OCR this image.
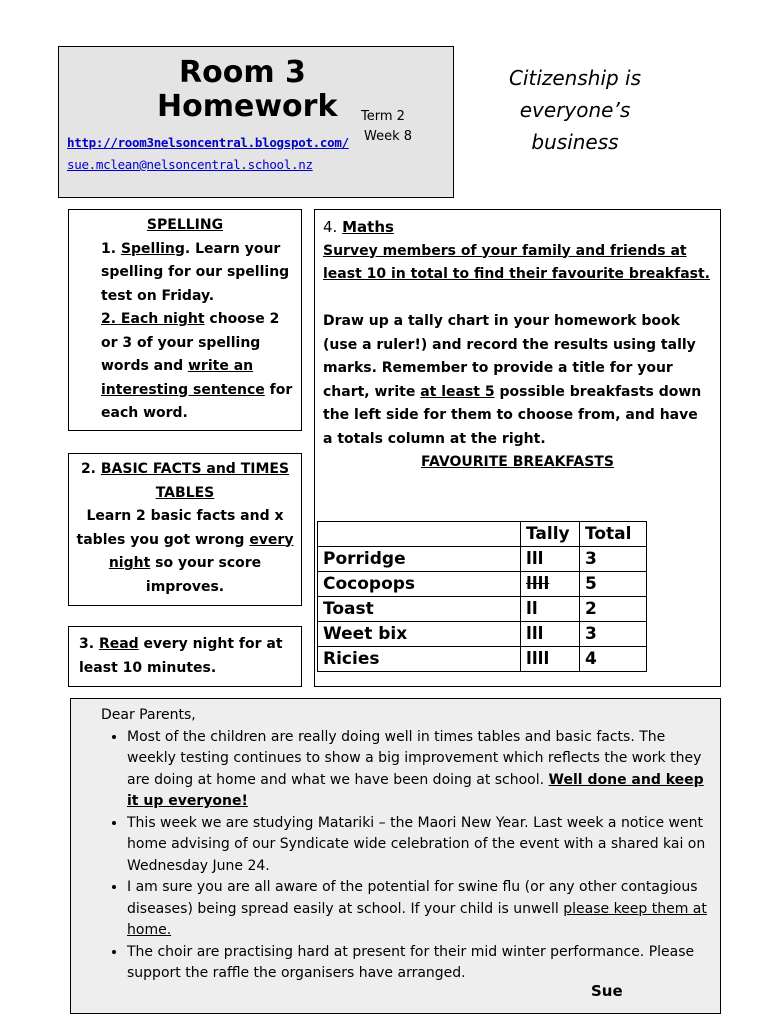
Room 3
Homework Term 2
Week 8
http://room3nelsoncentral.blogspot.com/
sue.mclean@nelsoncentral.school.nz
Citizenship is
everyone’s
business
SPELLING
1. Spelling. Learn your spelling for our spelling test on Friday.
2. Each night choose 2 or 3 of your spelling words and write an interesting sentence for each word.
2. BASIC FACTS and TIMES TABLES
Learn 2 basic facts and x tables you got wrong every night so your score improves.
3. Read every night for at least 10 minutes.
4. Maths

Survey members of your family and friends at least 10 in total to find their favourite breakfast.

Draw up a tally chart in your homework book (use a ruler!) and record the results using tally marks. Remember to provide a title for your chart, write at least 5 possible breakfasts down the left side for them to choose from, and have a totals column at the right.

FAVOURITE BREAKFASTS
	Tally	Total
Porridge	lll	3
Cocopops	llll	5
Toast	ll	2
Weet bix	lll	3
Ricies	llll	4
Dear Parents,
• Most of the children are really doing well in times tables and basic facts. The weekly testing continues to show a big improvement which reflects the work they are doing at home and what we have been doing at school. Well done and keep it up everyone!
• This week we are studying Matariki – the Maori New Year. Last week a notice went home advising of our Syndicate wide celebration of the event with a shared kai on Wednesday June 24.
• I am sure you are all aware of the potential for swine flu (or any other contagious diseases) being spread easily at school. If your child is unwell please keep them at home.
• The choir are practising hard at present for their mid winter performance. Please support the raffle the organisers have arranged.
Sue
